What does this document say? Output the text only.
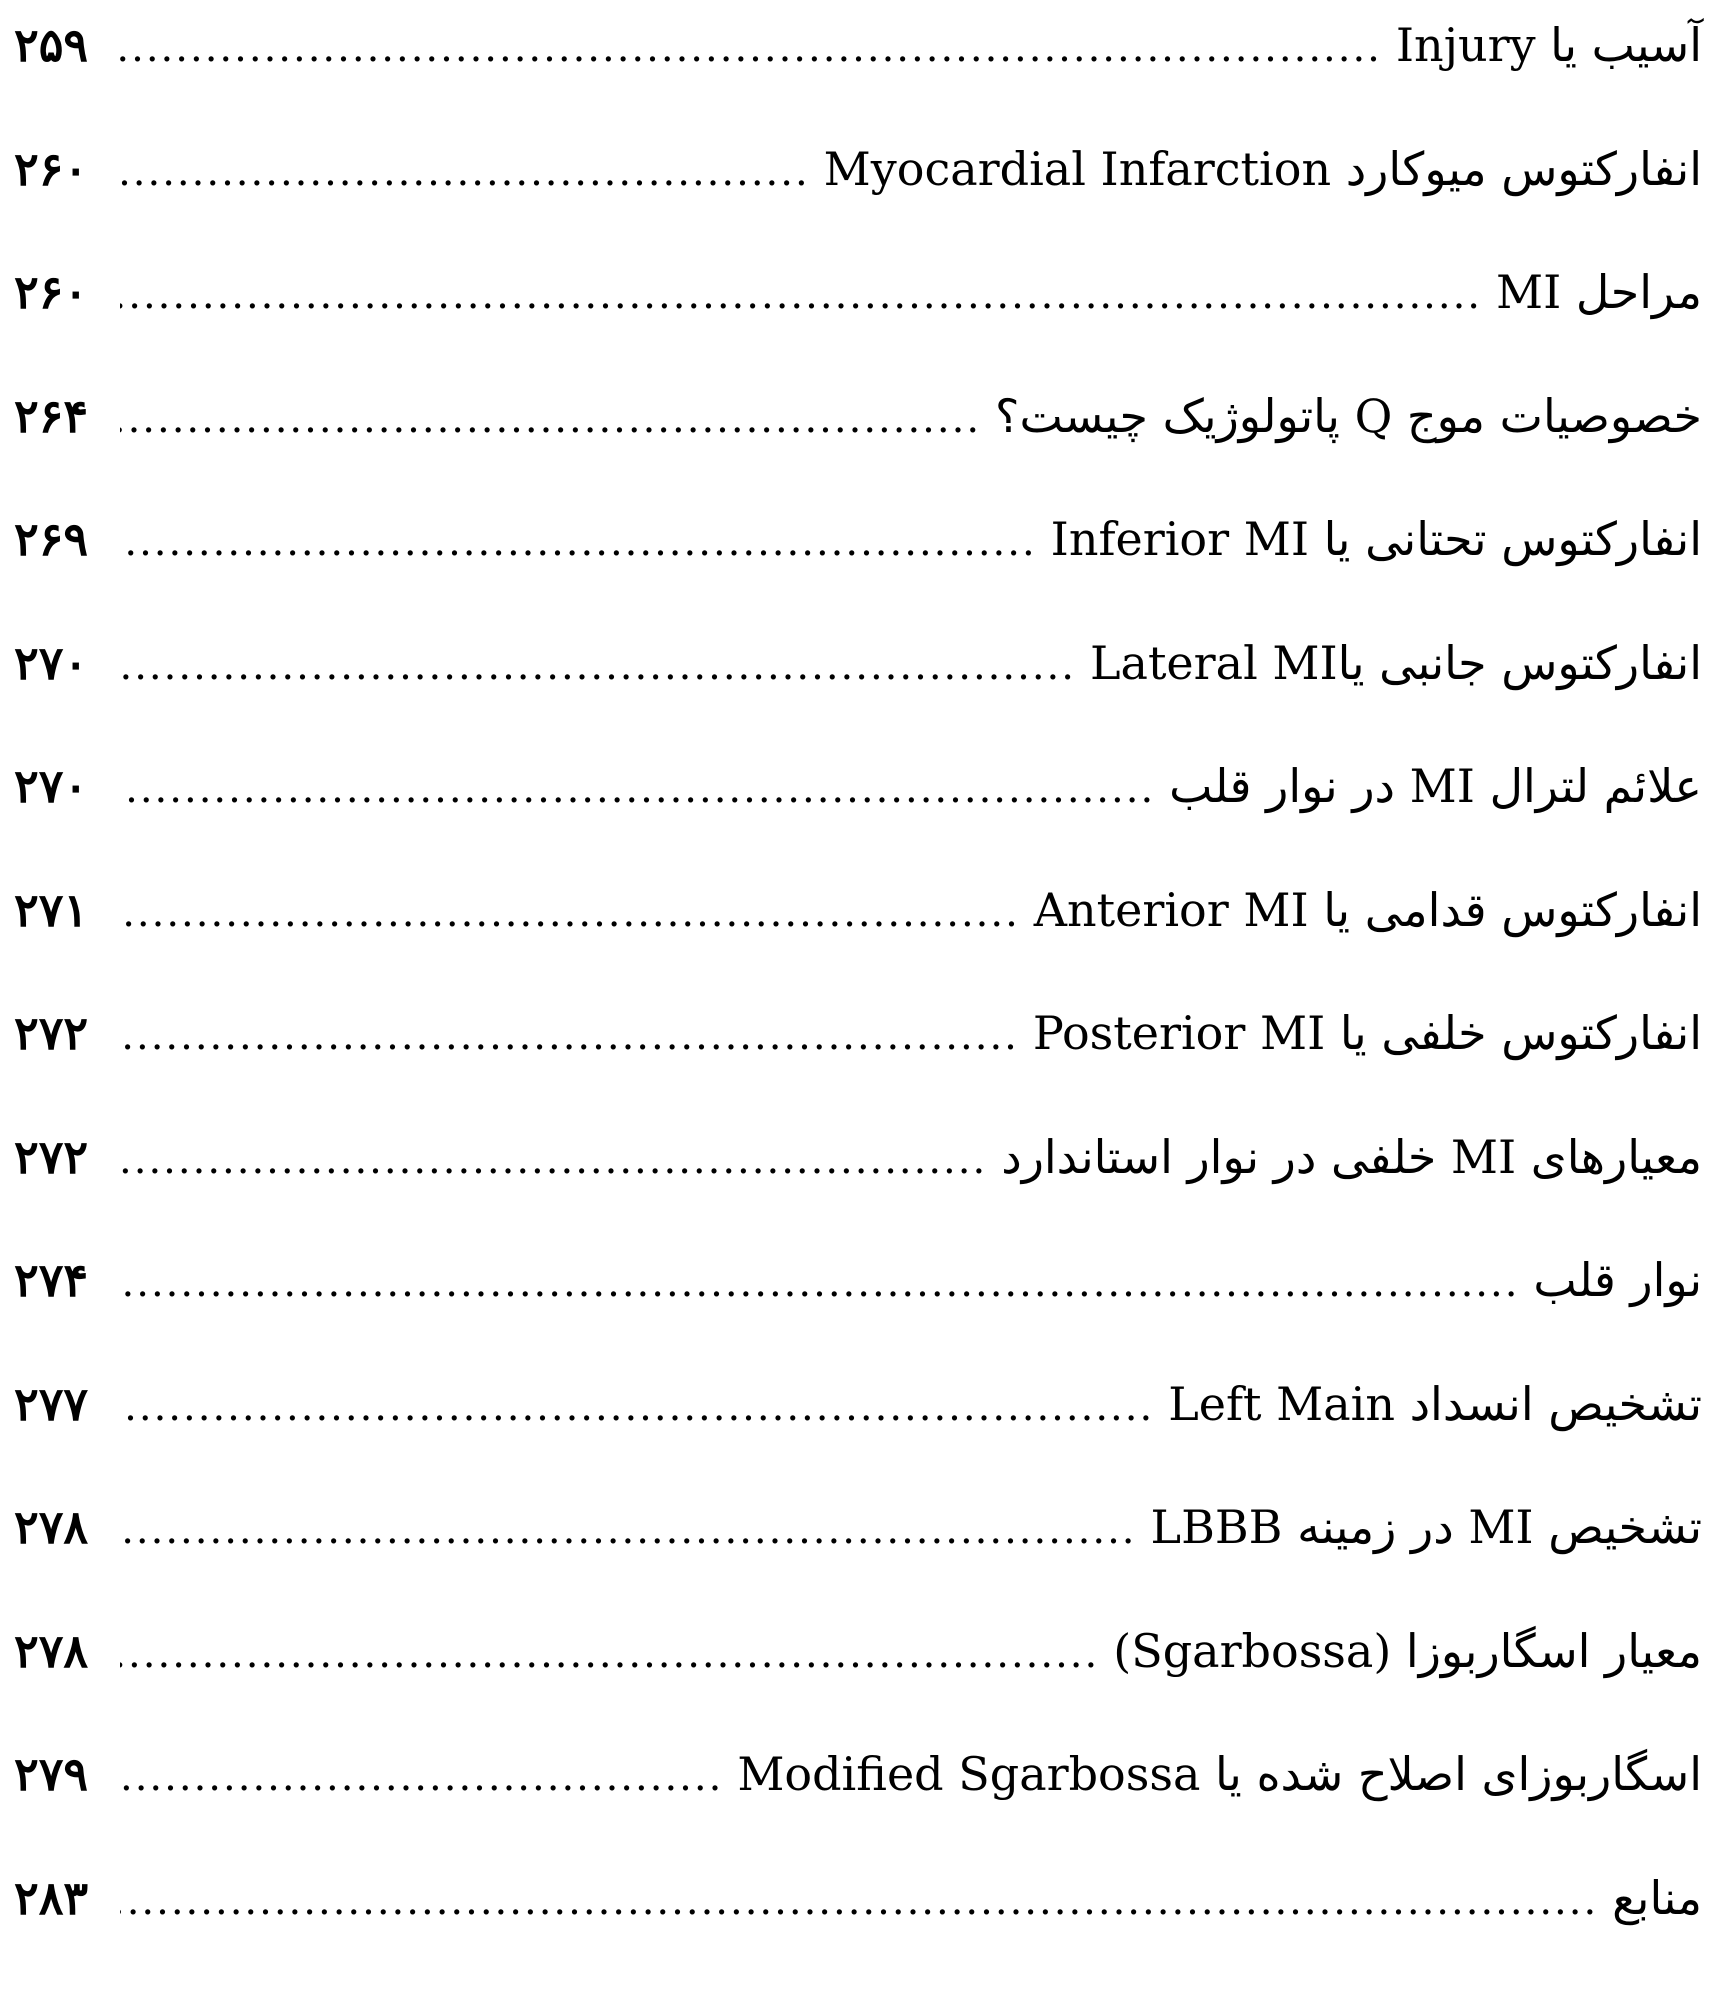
آسیب یا Injury
.....
۲۵۹
انفارکتوس میوکارد Myocardial Infarction
.....
۲۶۰
مراحل MI
.....
۲۶۰
خصوصیات موج Q پاتولوژیک چیست؟
.....
۲۶۴
انفارکتوس تحتانی یا Inferior MI
.....
۲۶۹
انفارکتوس جانبی یاLateral MI
.....
۲۷۰
علائم لترال MI در نوار قلب
.....
۲۷۰
انفارکتوس قدامی یا Anterior MI
.....
۲۷۱
انفارکتوس خلفی یا Posterior MI
.....
۲۷۲
معیارهای MI خلفی در نوار استاندارد
.....
۲۷۲
نوار قلب
.....
۲۷۴
تشخیص انسداد Left Main
.....
۲۷۷
تشخیص MI در زمینه LBBB
.....
۲۷۸
معیار اسگاربوزا (Sgarbossa)
.....
۲۷۸
اسگاربوزای اصلاح شده یا Modified Sgarbossa
.....
۲۷۹
منابع
.....
۲۸۳
